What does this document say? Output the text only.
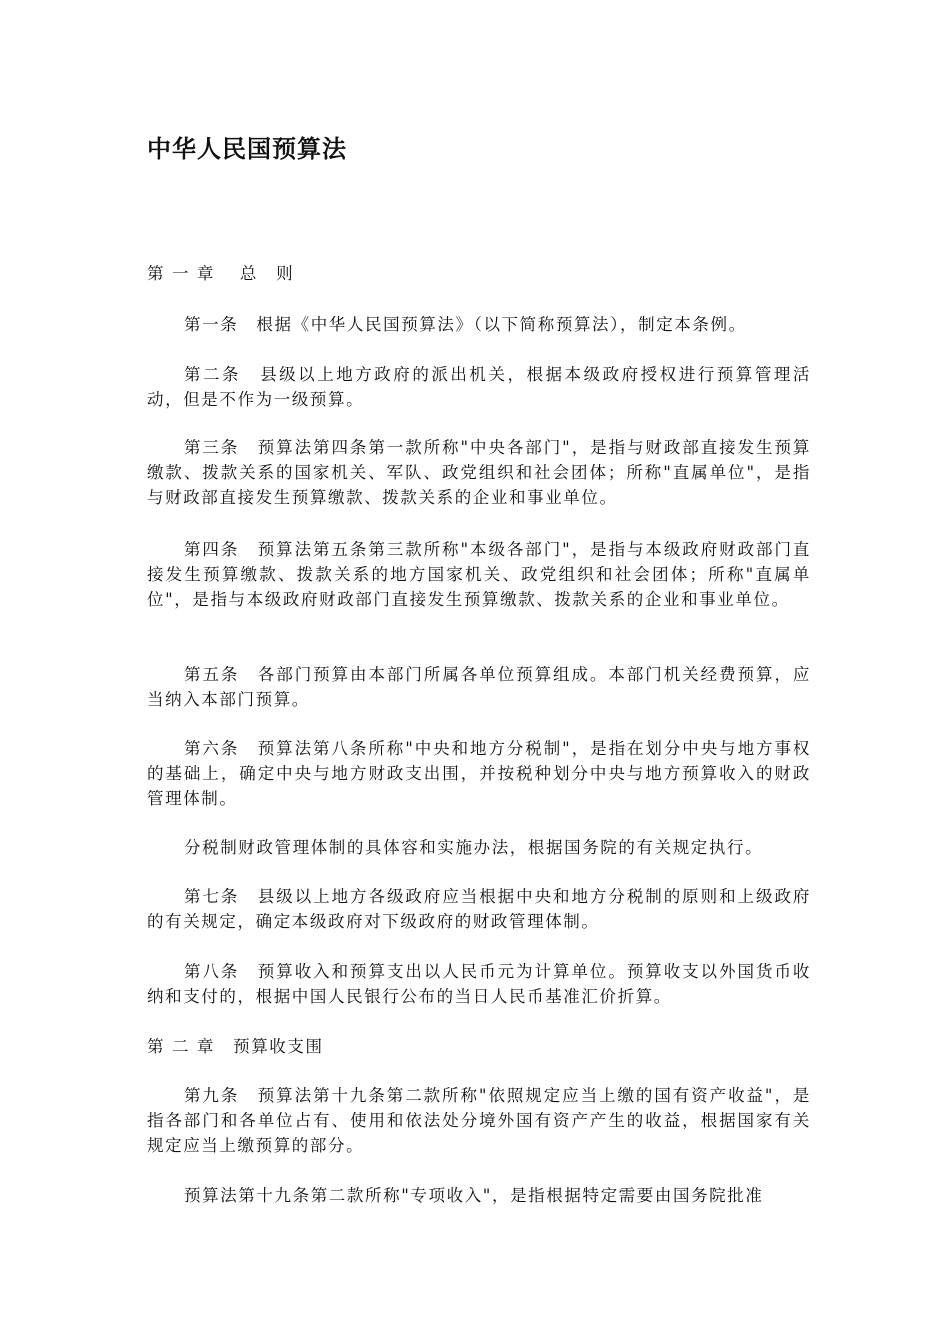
中华人民国预算法

第 一 章　 总　则

第一条　根据《中华人民国预算法》（以下简称预算法），制定本条例。

第二条　县级以上地方政府的派出机关，根据本级政府授权进行预算管理活动，但是不作为一级预算。

第三条　预算法第四条第一款所称"中央各部门"，是指与财政部直接发生预算缴款、拨款关系的国家机关、军队、政党组织和社会团体；所称"直属单位"，是指与财政部直接发生预算缴款、拨款关系的企业和事业单位。

第四条　预算法第五条第三款所称"本级各部门"，是指与本级政府财政部门直接发生预算缴款、拨款关系的地方国家机关、政党组织和社会团体；所称"直属单位"，是指与本级政府财政部门直接发生预算缴款、拨款关系的企业和事业单位。

第五条　各部门预算由本部门所属各单位预算组成。本部门机关经费预算，应当纳入本部门预算。

第六条　预算法第八条所称"中央和地方分税制"，是指在划分中央与地方事权的基础上，确定中央与地方财政支出围，并按税种划分中央与地方预算收入的财政管理体制。

分税制财政管理体制的具体容和实施办法，根据国务院的有关规定执行。

第七条　县级以上地方各级政府应当根据中央和地方分税制的原则和上级政府的有关规定，确定本级政府对下级政府的财政管理体制。

第八条　预算收入和预算支出以人民币元为计算单位。预算收支以外国货币收纳和支付的，根据中国人民银行公布的当日人民币基准汇价折算。

第 二 章　预算收支围

第九条　预算法第十九条第二款所称"依照规定应当上缴的国有资产收益"，是指各部门和各单位占有、使用和依法处分境外国有资产产生的收益，根据国家有关规定应当上缴预算的部分。

预算法第十九条第二款所称"专项收入"，是指根据特定需要由国务院批准
